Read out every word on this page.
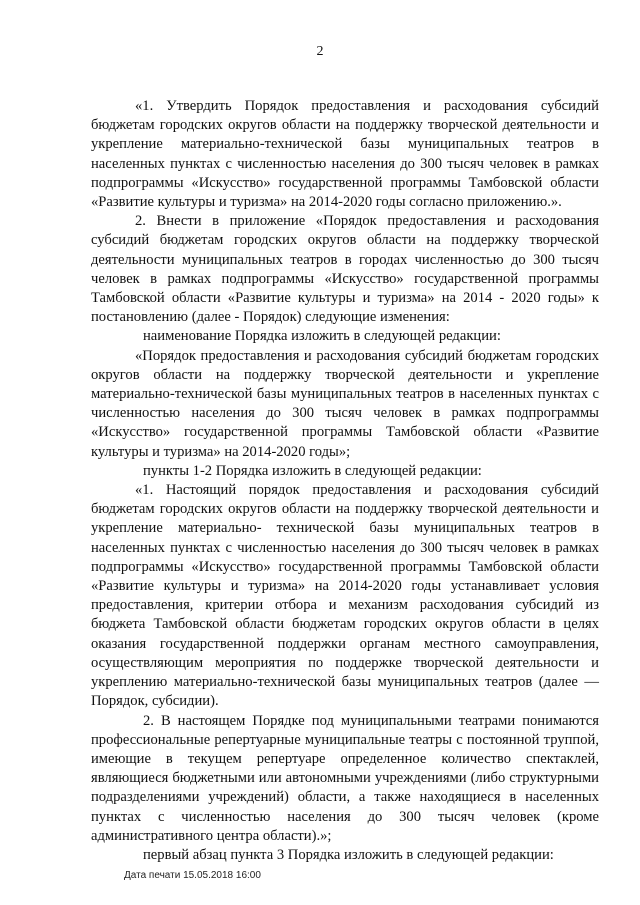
2

«1. Утвердить Порядок предоставления и расходования субсидий бюджетам городских округов области на поддержку творческой деятельности и укрепление материально-технической базы муниципальных театров в населенных пунктах с численностью населения до 300 тысяч человек в рамках подпрограммы «Искусство» государственной программы Тамбовской области «Развитие культуры и туризма» на 2014-2020 годы согласно приложению.».

2. Внести в приложение «Порядок предоставления и расходования субсидий бюджетам городских округов области на поддержку творческой деятельности муниципальных театров в городах численностью до 300 тысяч человек в рамках подпрограммы «Искусство» государственной программы Тамбовской области «Развитие культуры и туризма» на 2014 - 2020 годы» к постановлению (далее - Порядок) следующие изменения:

наименование Порядка изложить в следующей редакции:

«Порядок предоставления и расходования субсидий бюджетам городских округов области на поддержку творческой деятельности и укрепление материально-технической базы муниципальных театров в населенных пунктах с численностью населения до 300 тысяч человек в рамках подпрограммы «Искусство» государственной программы Тамбовской области «Развитие культуры и туризма» на 2014-2020 годы»;

пункты 1-2 Порядка изложить в следующей редакции:

«1. Настоящий порядок предоставления и расходования субсидий бюджетам городских округов области на поддержку творческой деятельности и укрепление материально- технической базы муниципальных театров в населенных пунктах с численностью населения до 300 тысяч человек в рамках подпрограммы «Искусство» государственной программы Тамбовской области «Развитие культуры и туризма» на 2014-2020 годы устанавливает условия предоставления, критерии отбора и механизм расходования субсидий из бюджета Тамбовской области бюджетам городских округов области в целях оказания государственной поддержки органам местного самоуправления, осуществляющим мероприятия по поддержке творческой деятельности и укреплению материально-технической базы муниципальных театров (далее — Порядок, субсидии).

2. В настоящем Порядке под муниципальными театрами понимаются профессиональные репертуарные муниципальные театры с постоянной труппой, имеющие в текущем репертуаре определенное количество спектаклей, являющиеся бюджетными или автономными учреждениями (либо структурными подразделениями учреждений) области, а также находящиеся в населенных пунктах с численностью населения до 300 тысяч человек (кроме административного центра области).»;

первый абзац пункта 3 Порядка изложить в следующей редакции:

Дата печати 15.05.2018 16:00
